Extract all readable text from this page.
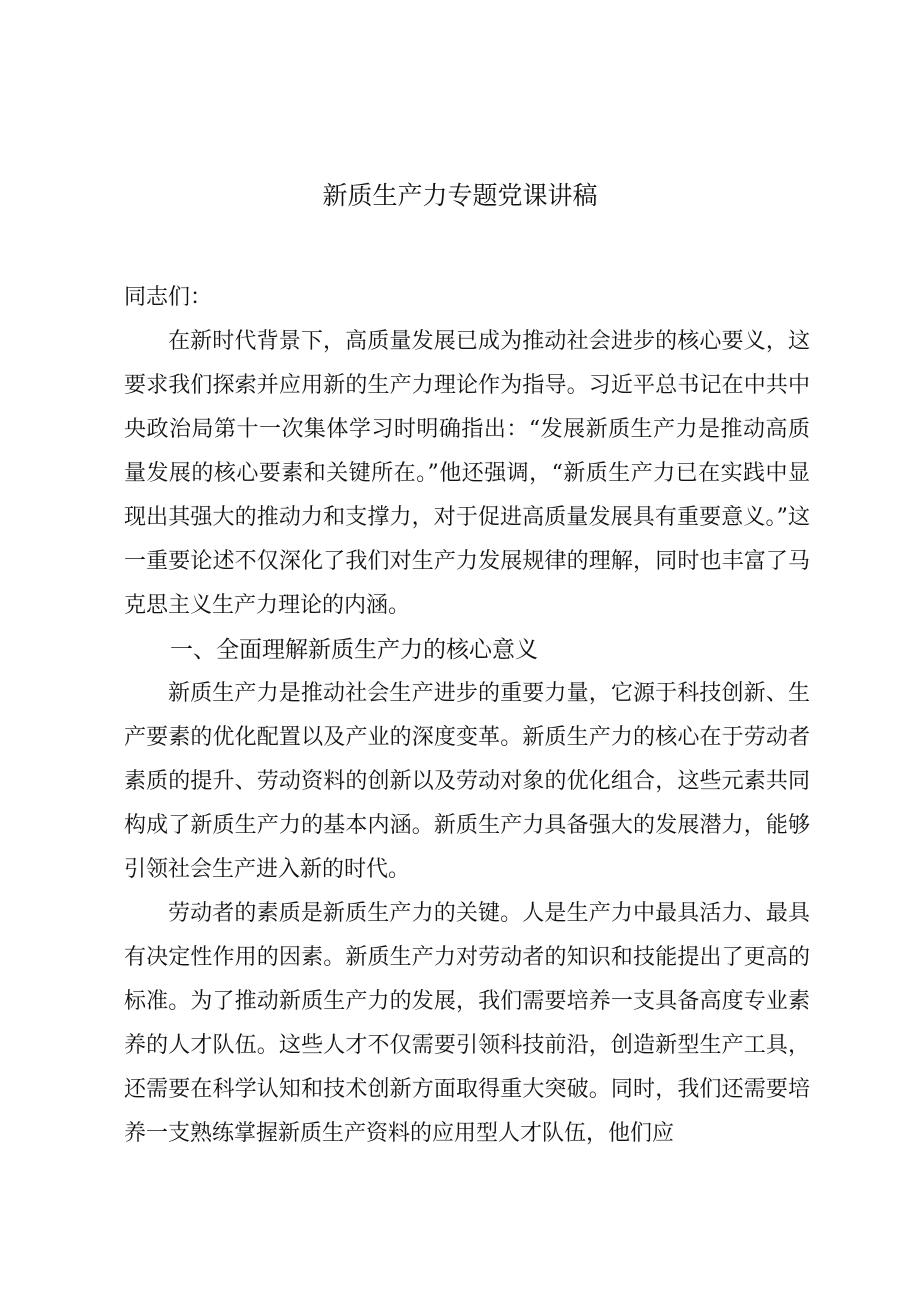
新质生产力专题党课讲稿

同志们：

在新时代背景下，高质量发展已成为推动社会进步的核心要义，这要求我们探索并应用新的生产力理论作为指导。习近平总书记在中共中央政治局第十一次集体学习时明确指出：“发展新质生产力是推动高质量发展的核心要素和关键所在。”他还强调，“新质生产力已在实践中显现出其强大的推动力和支撑力，对于促进高质量发展具有重要意义。”这一重要论述不仅深化了我们对生产力发展规律的理解，同时也丰富了马克思主义生产力理论的内涵。

一、全面理解新质生产力的核心意义

新质生产力是推动社会生产进步的重要力量，它源于科技创新、生产要素的优化配置以及产业的深度变革。新质生产力的核心在于劳动者素质的提升、劳动资料的创新以及劳动对象的优化组合，这些元素共同构成了新质生产力的基本内涵。新质生产力具备强大的发展潜力，能够引领社会生产进入新的时代。

劳动者的素质是新质生产力的关键。人是生产力中最具活力、最具有决定性作用的因素。新质生产力对劳动者的知识和技能提出了更高的标准。为了推动新质生产力的发展，我们需要培养一支具备高度专业素养的人才队伍。这些人才不仅需要引领科技前沿，创造新型生产工具，还需要在科学认知和技术创新方面取得重大突破。同时，我们还需要培养一支熟练掌握新质生产资料的应用型人才队伍，他们应
